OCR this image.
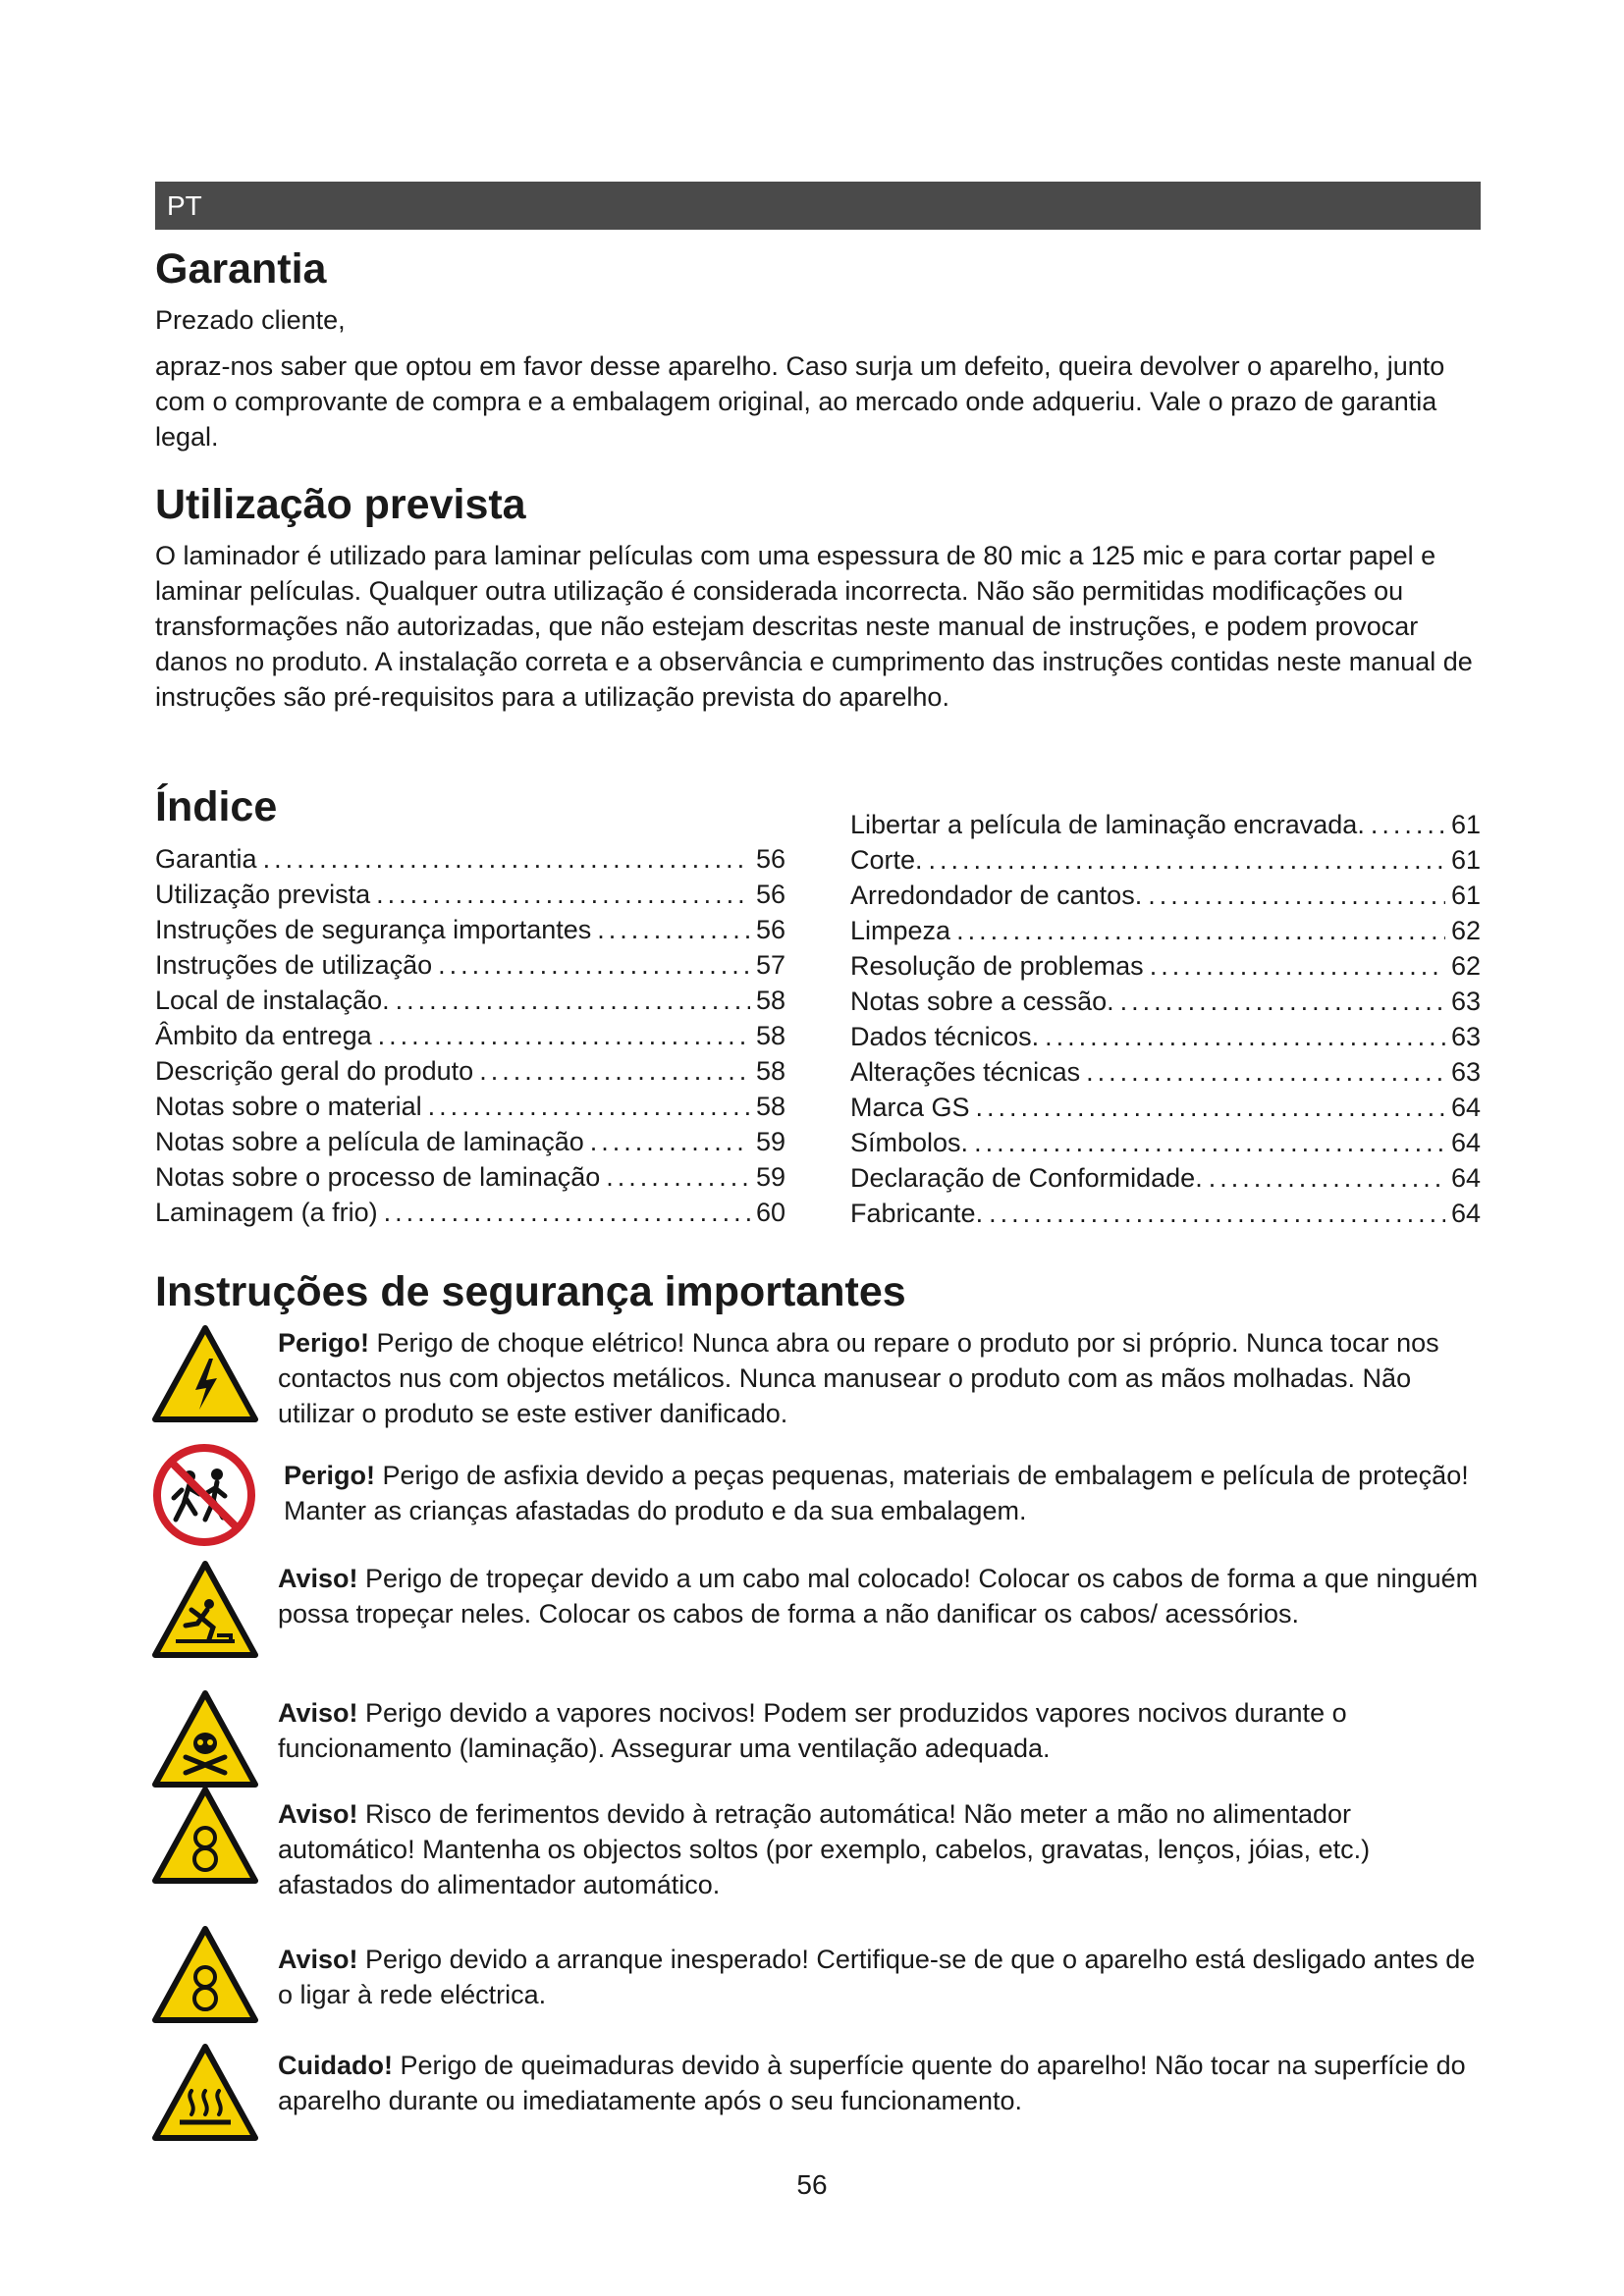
PT
Garantia

Prezado cliente,

apraz-nos saber que optou em favor desse aparelho. Caso surja um defeito, queira devolver o aparelho, junto com o comprovante de compra e a embalagem original, ao mercado onde adqueriu. Vale o prazo de garantia legal.

Utilização prevista

O laminador é utilizado para laminar películas com uma espessura de 80 mic a 125 mic e para cortar papel e laminar películas. Qualquer outra utilização é considerada incorrecta. Não são permitidas modificações ou transformações não autorizadas, que não estejam descritas neste manual de instruções, e podem provocar danos no produto. A instalação correta e a observância e cumprimento das instruções contidas neste manual de instruções são pré-requisitos para a utilização prevista do aparelho.

Índice
Garantia .....	56
Utilização prevista .....	56
Instruções de segurança importantes .....	56
Instruções de utilização .....	57
Local de instalação. .....	58
Âmbito da entrega .....	58
Descrição geral do produto .....	58
Notas sobre o material .....	58
Notas sobre a película de laminação .....	59
Notas sobre o processo de laminação .....	59
Laminagem (a frio) .....	60
Libertar a película de laminação encravada. .....	61
Corte. .....	61
Arredondador de cantos. .....	61
Limpeza .....	62
Resolução de problemas .....	62
Notas sobre a cessão. .....	63
Dados técnicos. .....	63
Alterações técnicas .....	63
Marca GS .....	64
Símbolos. .....	64
Declaração de Conformidade. .....	64
Fabricante. .....	64
Instruções de segurança importantes

Perigo! Perigo de choque elétrico! Nunca abra ou repare o produto por si próprio. Nunca tocar nos contactos nus com objectos metálicos. Nunca manusear o produto com as mãos molhadas. Não utilizar o produto se este estiver danificado.

Perigo! Perigo de asfixia devido a peças pequenas, materiais de embalagem e película de proteção! Manter as crianças afastadas do produto e da sua embalagem.

Aviso! Perigo de tropeçar devido a um cabo mal colocado! Colocar os cabos de forma a que ninguém possa tropeçar neles. Colocar os cabos de forma a não danificar os cabos/ acessórios.

Aviso! Perigo devido a vapores nocivos! Podem ser produzidos vapores nocivos durante o funcionamento (laminação). Assegurar uma ventilação adequada.

Aviso! Risco de ferimentos devido à retração automática! Não meter a mão no alimentador automático! Mantenha os objectos soltos (por exemplo, cabelos, gravatas, lenços, jóias, etc.) afastados do alimentador automático.

Aviso! Perigo devido a arranque inesperado! Certifique-se de que o aparelho está desligado antes de o ligar à rede eléctrica.

Cuidado! Perigo de queimaduras devido à superfície quente do aparelho! Não tocar na superfície do aparelho durante ou imediatamente após o seu funcionamento.

56
